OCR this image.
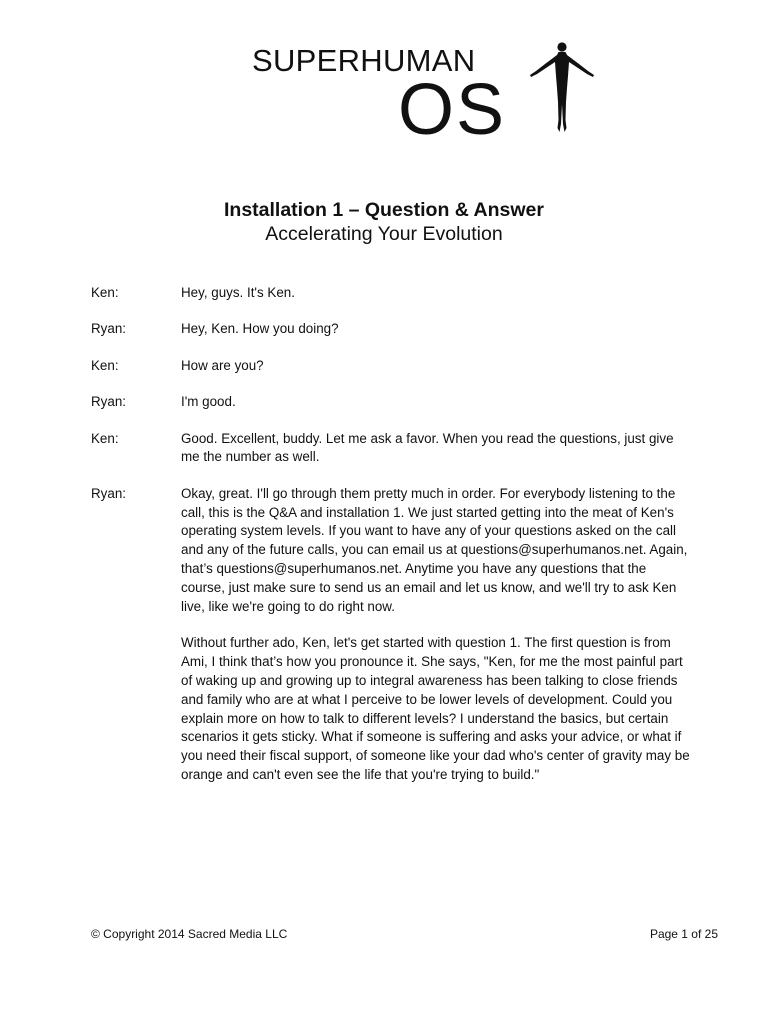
SUPERHUMAN
OS
Installation 1 – Question & Answer
Accelerating Your Evolution
Ken:	Hey, guys. It's Ken.

Ryan:	Hey, Ken. How you doing?

Ken:	How are you?

Ryan:	I'm good.

Ken:	Good. Excellent, buddy. Let me ask a favor. When you read the questions, just give me the number as well.

Ryan:	Okay, great. I'll go through them pretty much in order. For everybody listening to the call, this is the Q&A and installation 1. We just started getting into the meat of Ken's operating system levels. If you want to have any of your questions asked on the call and any of the future calls, you can email us at questions@superhumanos.net. Again, that’s questions@superhumanos.net. Anytime you have any questions that the course, just make sure to send us an email and let us know, and we'll try to ask Ken live, like we're going to do right now.

Without further ado, Ken, let's get started with question 1. The first question is from Ami, I think that’s how you pronounce it. She says, "Ken, for me the most painful part of waking up and growing up to integral awareness has been talking to close friends and family who are at what I perceive to be lower levels of development. Could you explain more on how to talk to different levels? I understand the basics, but certain scenarios it gets sticky. What if someone is suffering and asks your advice, or what if you need their fiscal support, of someone like your dad who's center of gravity may be orange and can't even see the life that you're trying to build."

© Copyright 2014 Sacred Media LLC	Page 1 of 25
